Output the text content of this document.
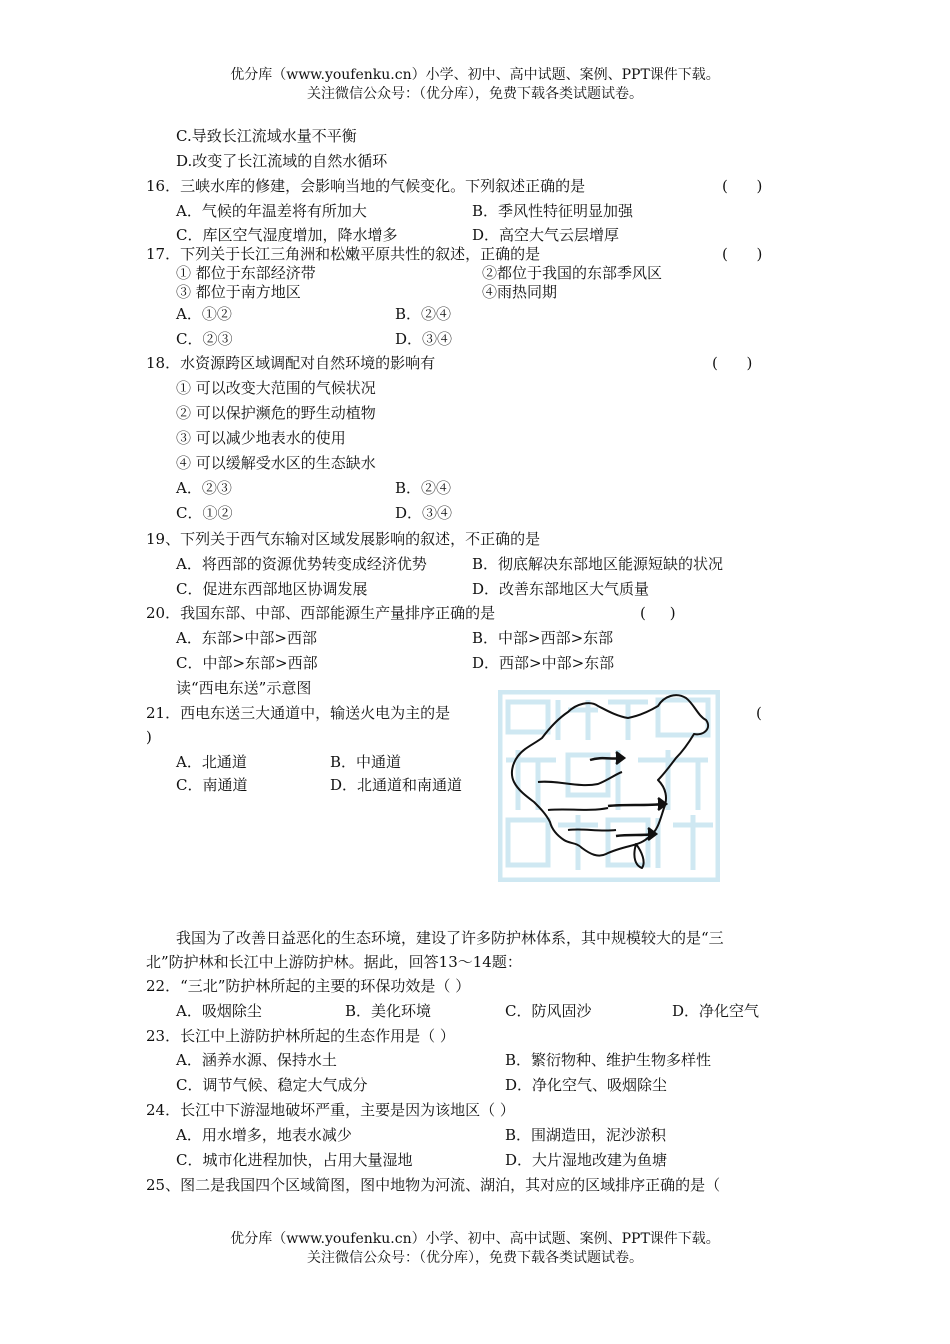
优分库（www.youfenku.cn）小学、初中、高中试题、案例、PPT课件下载。
关注微信公众号：（优分库），免费下载各类试题试卷。
C.导致长江流域水量不平衡
D.改变了长江流域的自然水循环
16．三峡水库的修建，会影响当地的气候变化。下列叙述正确的是	(      )
A．气候的年温差将有所加大	B．季风性特征明显加强
C．库区空气湿度增加，降水增多	D．高空大气云层增厚
17．下列关于长江三角洲和松嫩平原共性的叙述，正确的是	(      )
① 都位于东部经济带	②都位于我国的东部季风区
③ 都位于南方地区	④雨热同期
A．①②	B．②④
C．②③	D．③④
18．水资源跨区域调配对自然环境的影响有	(      )
① 可以改变大范围的气候状况
② 可以保护濒危的野生动植物
③ 可以减少地表水的使用
④ 可以缓解受水区的生态缺水
A．②③	B．②④
C．①②	D．③④
19、下列关于西气东输对区域发展影响的叙述，不正确的是
A．将西部的资源优势转变成经济优势	B．彻底解决东部地区能源短缺的状况
C．促进东西部地区协调发展	D．改善东部地区大气质量
20．我国东部、中部、西部能源生产量排序正确的是	(     )
A．东部>中部>西部	B．中部>西部>东部
C．中部>东部>西部	D．西部>中部>东部
读“西电东送”示意图
21．西电东送三大通道中，输送火电为主的是	(
)
A．北通道	B．中通道
C．南通道	D．北通道和南通道
我国为了改善日益恶化的生态环境，建设了许多防护林体系，其中规模较大的是“三
北”防护林和长江中上游防护林。据此，回答13～14题：
22．“三北”防护林所起的主要的环保功效是（ ）
A．吸烟除尘	B．美化环境	C．防风固沙	D．净化空气
23．长江中上游防护林所起的生态作用是（ ）
A．涵养水源、保持水土	B．繁衍物种、维护生物多样性
C．调节气候、稳定大气成分	D．净化空气、吸烟除尘
24．长江中下游湿地破坏严重，主要是因为该地区（ ）
A．用水增多，地表水减少	B．围湖造田，泥沙淤积
C．城市化进程加快，占用大量湿地	D．大片湿地改建为鱼塘
25、图二是我国四个区域简图，图中地物为河流、湖泊，其对应的区域排序正确的是（
优分库（www.youfenku.cn）小学、初中、高中试题、案例、PPT课件下载。
关注微信公众号：（优分库），免费下载各类试题试卷。
